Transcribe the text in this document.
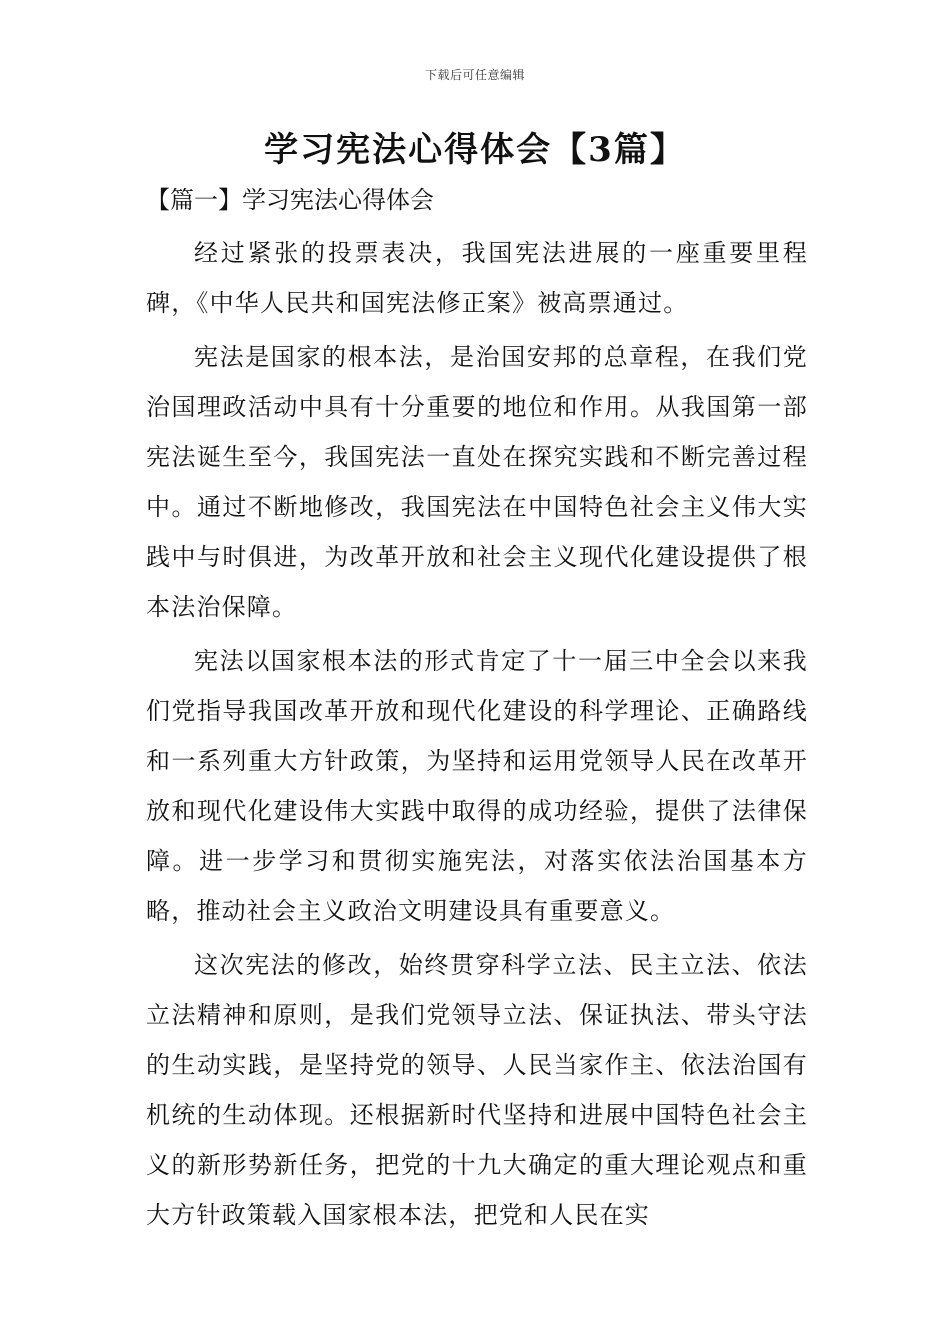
下载后可任意编辑
学习宪法心得体会【3篇】
【篇一】学习宪法心得体会

经过紧张的投票表决，我国宪法进展的一座重要里程碑，《中华人民共和国宪法修正案》被高票通过。

宪法是国家的根本法，是治国安邦的总章程，在我们党治国理政活动中具有十分重要的地位和作用。从我国第一部宪法诞生至今，我国宪法一直处在探究实践和不断完善过程中。通过不断地修改，我国宪法在中国特色社会主义伟大实践中与时俱进，为改革开放和社会主义现代化建设提供了根本法治保障。

宪法以国家根本法的形式肯定了十一届三中全会以来我们党指导我国改革开放和现代化建设的科学理论、正确路线和一系列重大方针政策，为坚持和运用党领导人民在改革开放和现代化建设伟大实践中取得的成功经验，提供了法律保障。进一步学习和贯彻实施宪法，对落实依法治国基本方略，推动社会主义政治文明建设具有重要意义。

这次宪法的修改，始终贯穿科学立法、民主立法、依法立法精神和原则，是我们党领导立法、保证执法、带头守法的生动实践，是坚持党的领导、人民当家作主、依法治国有机统的生动体现。还根据新时代坚持和进展中国特色社会主义的新形势新任务，把党的十九大确定的重大理论观点和重大方针政策载入国家根本法，把党和人民在实
